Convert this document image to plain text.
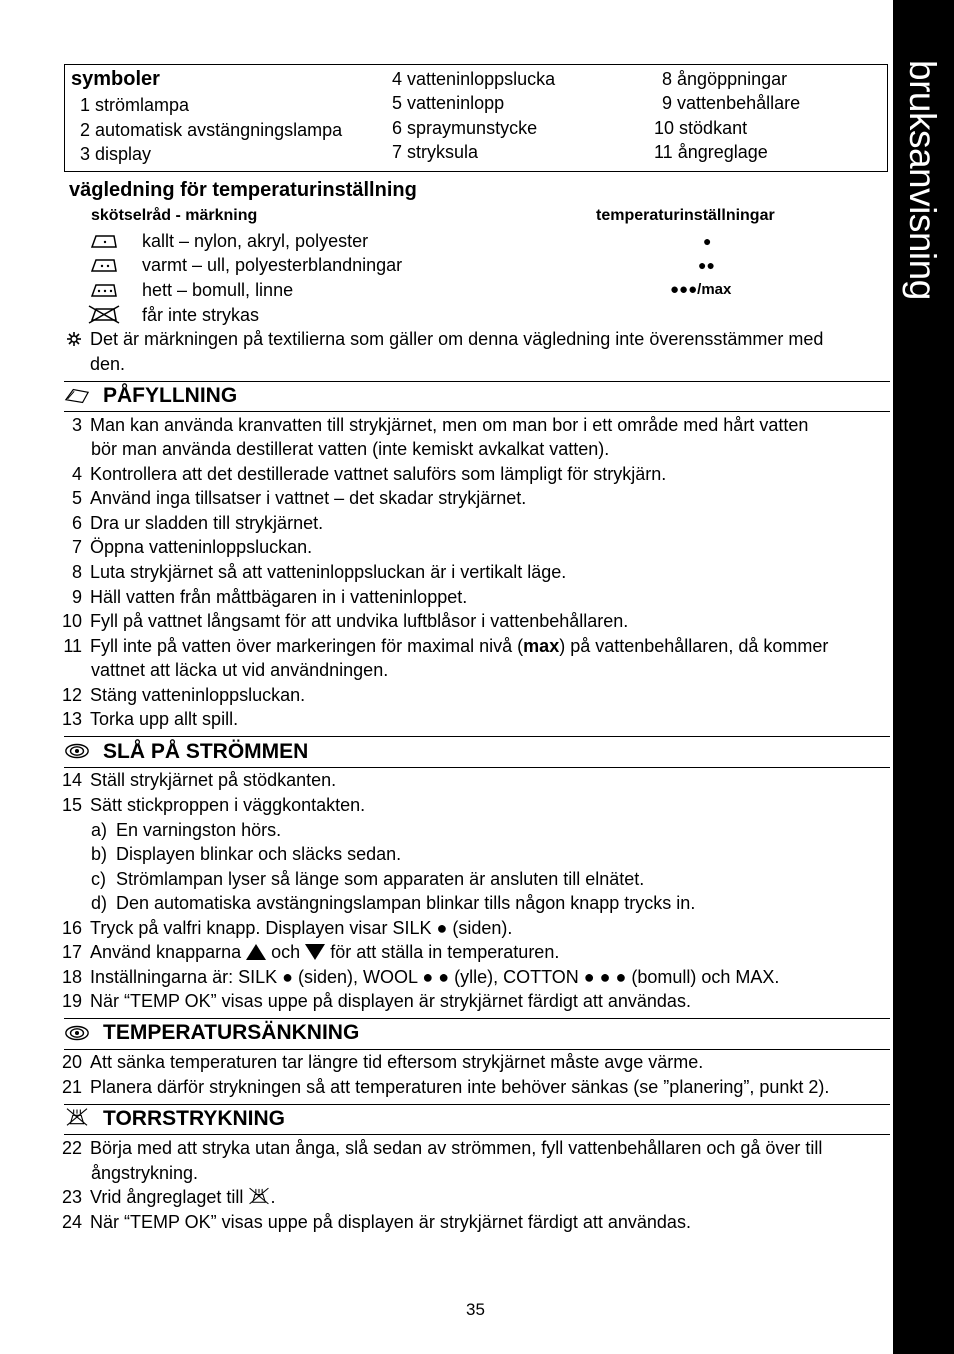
bruksanvisning
symboler
1 strömlampa
2 automatisk avstängningslampa
3 display
4 vatteninloppslucka
5 vatteninlopp
6 spraymunstycke
7 stryksula
8 ångöppningar
9 vattenbehållare
10 stödkant
11 ångreglage
vägledning för temperaturinställning
skötselråd - märkning	temperaturinställningar
kallt – nylon, akryl, polyester
varmt – ull, polyesterblandningar
hett – bomull, linne
får inte strykas
●
●●
●●●/max
Det är märkningen på textilierna som gäller om denna vägledning inte överensstämmer med
den.
PÅFYLLNING
3 Man kan använda kranvatten till strykjärnet, men om man bor i ett område med hårt vatten
bör man använda destillerat vatten (inte kemiskt avkalkat vatten).
4 Kontrollera att det destillerade vattnet saluförs som lämpligt för strykjärn.
5 Använd inga tillsatser i vattnet – det skadar strykjärnet.
6 Dra ur sladden till strykjärnet.
7 Öppna vatteninloppsluckan.
8 Luta strykjärnet så att vatteninloppsluckan är i vertikalt läge.
9 Häll vatten från måttbägaren in i vatteninloppet.
10 Fyll på vattnet långsamt för att undvika luftblåsor i vattenbehållaren.
11 Fyll inte på vatten över markeringen för maximal nivå (max) på vattenbehållaren, då kommer
vattnet att läcka ut vid användningen.
12 Stäng vatteninloppsluckan.
13 Torka upp allt spill.
SLÅ PÅ STRÖMMEN
14 Ställ strykjärnet på stödkanten.
15 Sätt stickproppen i väggkontakten.
a) En varningston hörs.
b) Displayen blinkar och släcks sedan.
c) Strömlampan lyser så länge som apparaten är ansluten till elnätet.
d) Den automatiska avstängningslampan blinkar tills någon knapp trycks in.
16 Tryck på valfri knapp. Displayen visar SILK ● (siden).
17 Använd knapparna och för att ställa in temperaturen.
18 Inställningarna är: SILK ● (siden), WOOL ● ● (ylle), COTTON ● ● ● (bomull) och MAX.
19 När “TEMP OK” visas uppe på displayen är strykjärnet färdigt att användas.
TEMPERATURSÄNKNING
20 Att sänka temperaturen tar längre tid eftersom strykjärnet måste avge värme.
21 Planera därför strykningen så att temperaturen inte behöver sänkas (se ”planering”, punkt 2).
TORRSTRYKNING
22 Börja med att stryka utan ånga, slå sedan av strömmen, fyll vattenbehållaren och gå över till
ångstrykning.
23 Vrid ångreglaget till .
24 När “TEMP OK” visas uppe på displayen är strykjärnet färdigt att användas.
35
